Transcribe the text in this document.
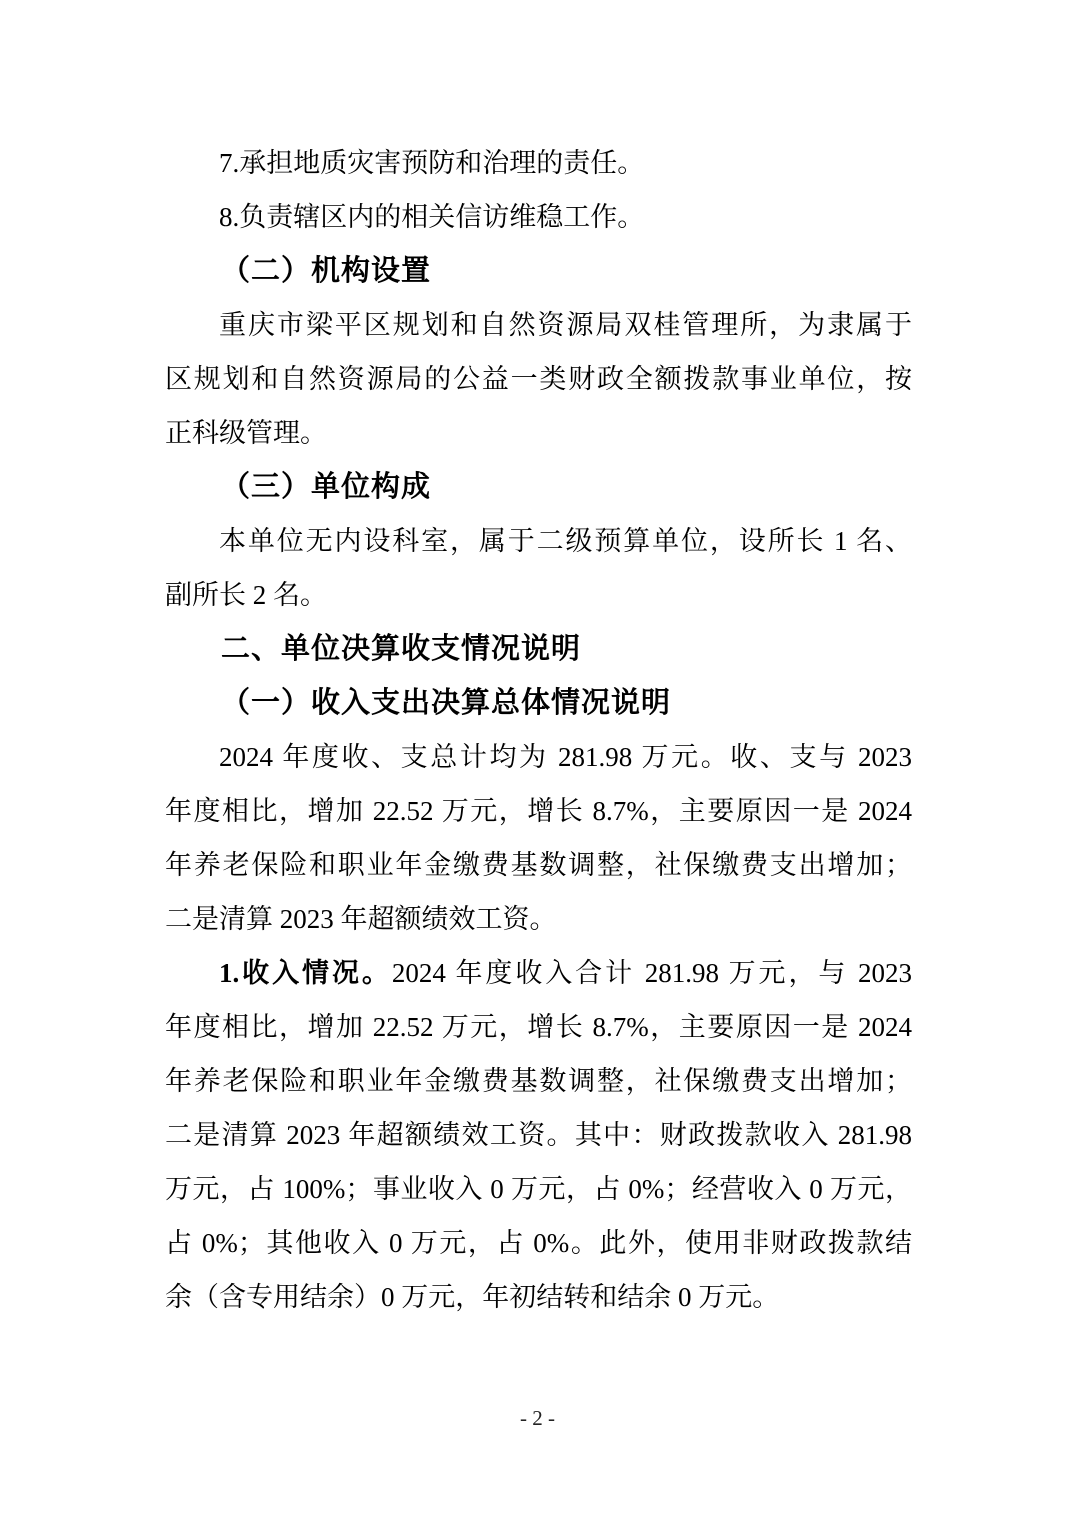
7.承担地质灾害预防和治理的责任。
8.负责辖区内的相关信访维稳工作。
（二）机构设置
重庆市梁平区规划和自然资源局双桂管理所，为隶属于
区规划和自然资源局的公益一类财政全额拨款事业单位，按
正科级管理。
（三）单位构成
本单位无内设科室，属于二级预算单位，设所长 1 名、
副所长 2 名。
二、单位决算收支情况说明
（一）收入支出决算总体情况说明
2024 年度收、支总计均为 281.98 万元。收、支与 2023
年度相比，增加 22.52 万元，增长 8.7%，主要原因一是 2024
年养老保险和职业年金缴费基数调整，社保缴费支出增加；
二是清算 2023 年超额绩效工资。
1.收入情况。2024 年度收入合计 281.98 万元，与 2023
年度相比，增加 22.52 万元，增长 8.7%，主要原因一是 2024
年养老保险和职业年金缴费基数调整，社保缴费支出增加；
二是清算 2023 年超额绩效工资。其中：财政拨款收入 281.98
万元，占 100%；事业收入 0 万元，占 0%；经营收入 0 万元，
占 0%；其他收入 0 万元，占 0%。此外，使用非财政拨款结
余（含专用结余）0 万元，年初结转和结余 0 万元。
- 2 -
